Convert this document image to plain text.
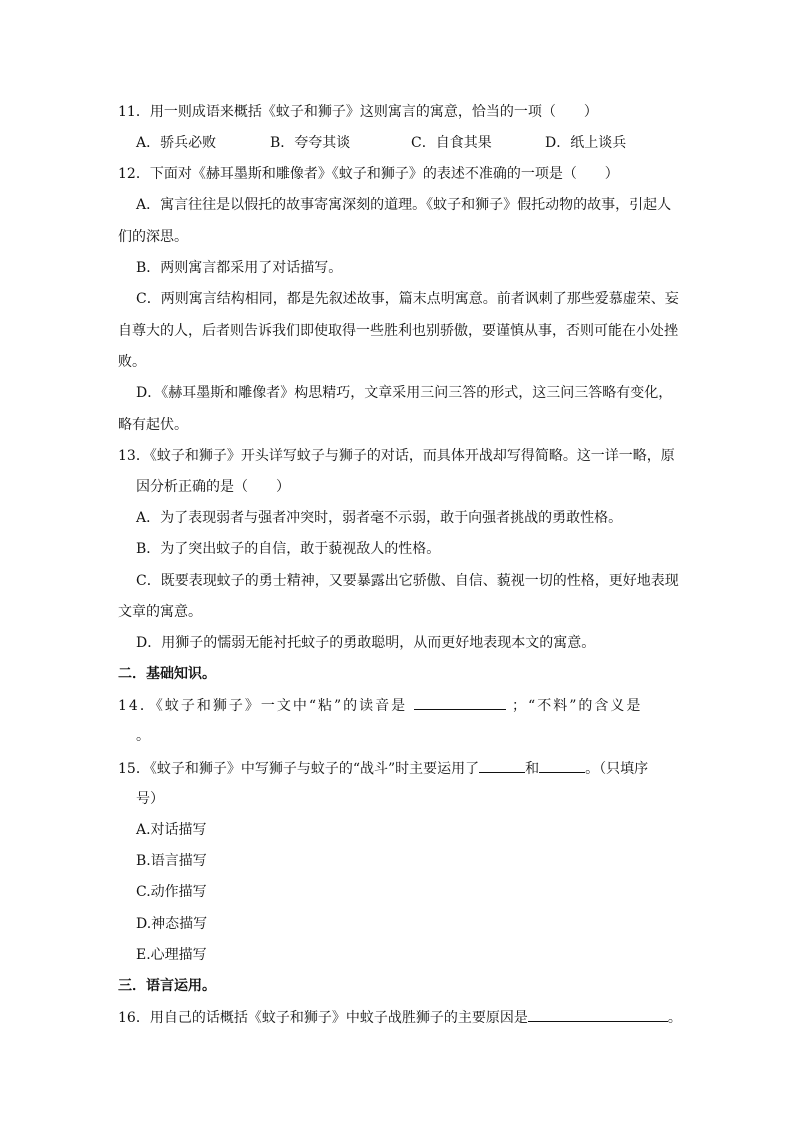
11．用一则成语来概括《蚊子和狮子》这则寓言的寓意，恰当的一项（　　）
A．骄兵必败	B．夸夸其谈	C．自食其果	D．纸上谈兵
12．下面对《赫耳墨斯和雕像者》《蚊子和狮子》的表述不准确的一项是（　　）
A．寓言往往是以假托的故事寄寓深刻的道理。《蚊子和狮子》假托动物的故事，引起人
们的深思。
B．两则寓言都采用了对话描写。
C．两则寓言结构相同，都是先叙述故事，篇末点明寓意。前者讽刺了那些爱慕虚荣、妄
自尊大的人，后者则告诉我们即使取得一些胜利也别骄傲，要谨慎从事，否则可能在小处挫
败。
D．《赫耳墨斯和雕像者》构思精巧，文章采用三问三答的形式，这三问三答略有变化，
略有起伏。
13．《蚊子和狮子》开头详写蚊子与狮子的对话，而具体开战却写得简略。这一详一略，原
因分析正确的是（　　）
A．为了表现弱者与强者冲突时，弱者毫不示弱，敢于向强者挑战的勇敢性格。
B．为了突出蚊子的自信，敢于藐视敌人的性格。
C．既要表现蚊子的勇士精神，又要暴露出它骄傲、自信、藐视一切的性格，更好地表现
文章的寓意。
D．用狮子的懦弱无能衬托蚊子的勇敢聪明，从而更好地表现本文的寓意。
二．基础知识。
14．《蚊子和狮子》一文中“粘”的读音是	；“不料”的含义是
。
15．《蚊子和狮子》中写狮子与蚊子的“战斗”时主要运用了	和	。（只填序
号）
A.对话描写
B.语言描写
C.动作描写
D.神态描写
E.心理描写
三．语言运用。
16．用自己的话概括《蚊子和狮子》中蚊子战胜狮子的主要原因是	。
